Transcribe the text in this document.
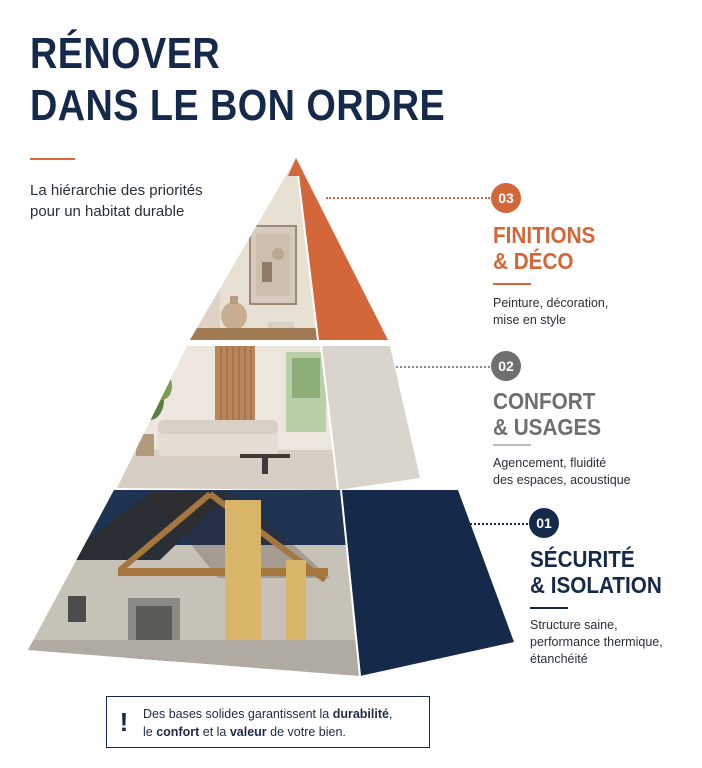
RÉNOVER
DANS LE BON ORDRE
La hiérarchie des priorités
pour un habitat durable
03
FINITIONS
& DÉCO
Peinture, décoration,
mise en style
02
CONFORT
& USAGES
Agencement, fluidité
des espaces, acoustique
01
SÉCURITÉ
& ISOLATION
Structure saine,
performance thermique,
étanchéité
! Des bases solides garantissent la durabilité,
le confort et la valeur de votre bien.
